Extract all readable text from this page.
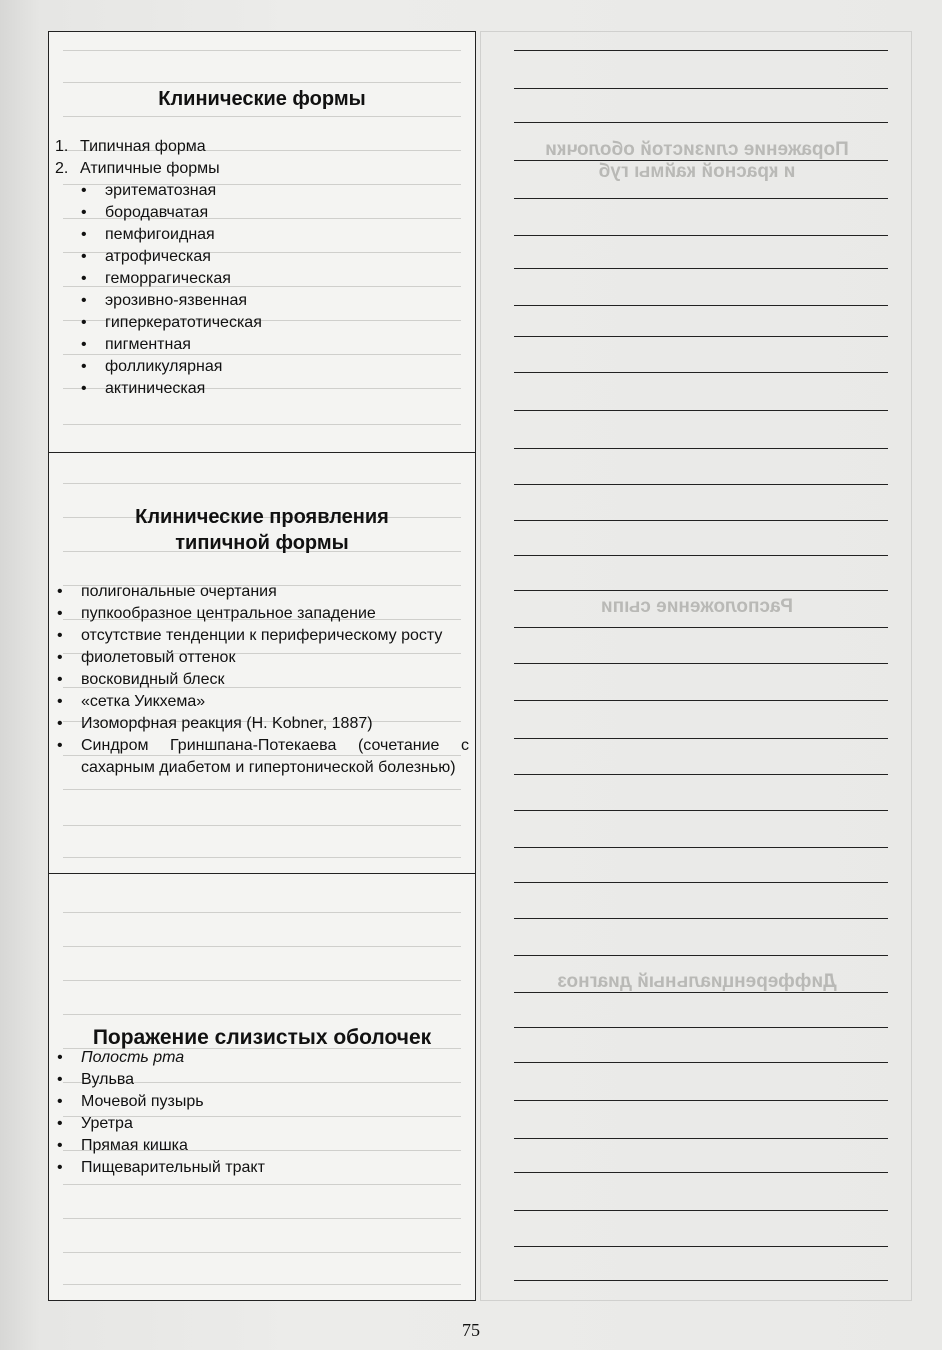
Клинические формы
1. Типичная форма
2. Атипичные формы
• эритематозная
• бородавчатая
• пемфигоидная
• атрофическая
• геморрагическая
• эрозивно-язвенная
• гиперкератотическая
• пигментная
• фолликулярная
• актиническая
Клинические проявления
типичной формы
• полигональные очертания
• пупкообразное центральное западение
• отсутствие тенденции к периферическому росту
• фиолетовый оттенок
• восковидный блеск
• «сетка Уикхема»
• Изоморфная реакция (H. Kobner, 1887)
• Синдром Гриншпана-Потекаева (сочетание с сахарным диабетом и гипертонической болезнью)
Поражение слизистых оболочек
• Полость рта
• Вульва
• Мочевой пузырь
• Уретра
• Прямая кишка
• Пищеварительный тракт
Поражение слизистой оболочки
и красной каймы губ
Расположение сыпи
Дифференциальный диагноз
75
